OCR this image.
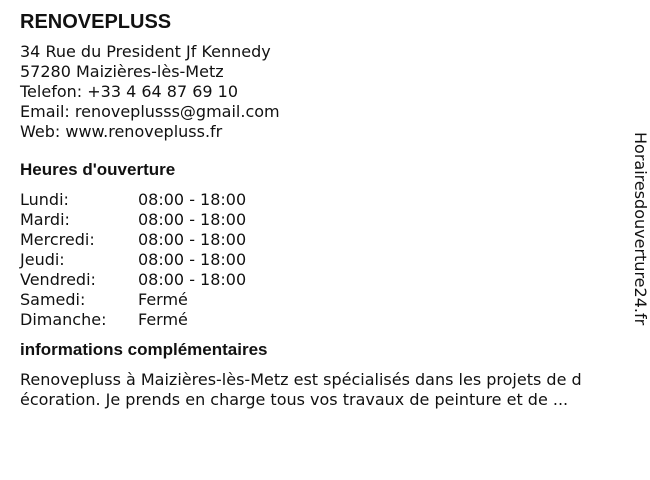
RENOVEPLUSS
34 Rue du President Jf Kennedy
57280 Maizières-lès-Metz
Telefon: +33 4 64 87 69 10
Email: renoveplusss@gmail.com
Web: www.renovepluss.fr
Heures d'ouverture
Lundi:	08:00 - 18:00
Mardi:	08:00 - 18:00
Mercredi:	08:00 - 18:00
Jeudi:	08:00 - 18:00
Vendredi:	08:00 - 18:00
Samedi:	Fermé
Dimanche:	Fermé
informations complémentaires
Renovepluss à Maizières-lès-Metz est spécialisés dans les projets de d
écoration. Je prends en charge tous vos travaux de peinture et de ...
Horairesdouverture24.fr
